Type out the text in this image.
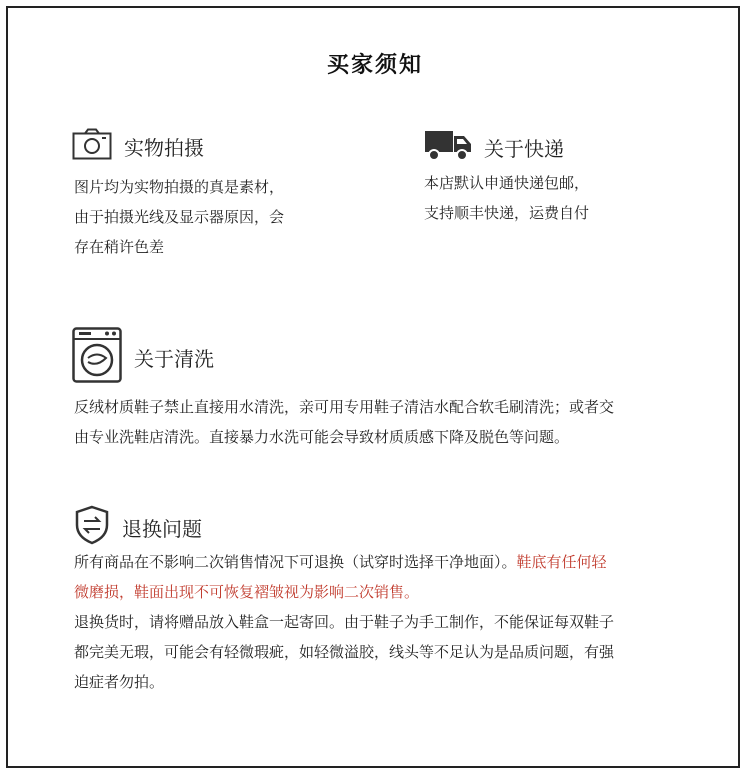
买家须知
实物拍摄
图片均为实物拍摄的真是素材，
由于拍摄光线及显示器原因，会
存在稍许色差
关于快递
本店默认申通快递包邮，
支持顺丰快递，运费自付
关于清洗
反绒材质鞋子禁止直接用水清洗，亲可用专用鞋子清洁水配合软毛刷清洗；或者交
由专业洗鞋店清洗。直接暴力水洗可能会导致材质质感下降及脱色等问题。
退换问题
所有商品在不影响二次销售情况下可退换（试穿时选择干净地面）。鞋底有任何轻
微磨损，鞋面出现不可恢复褶皱视为影响二次销售。
退换货时，请将赠品放入鞋盒一起寄回。由于鞋子为手工制作，不能保证每双鞋子
都完美无瑕，可能会有轻微瑕疵，如轻微溢胶，线头等不足认为是品质问题，有强
迫症者勿拍。
